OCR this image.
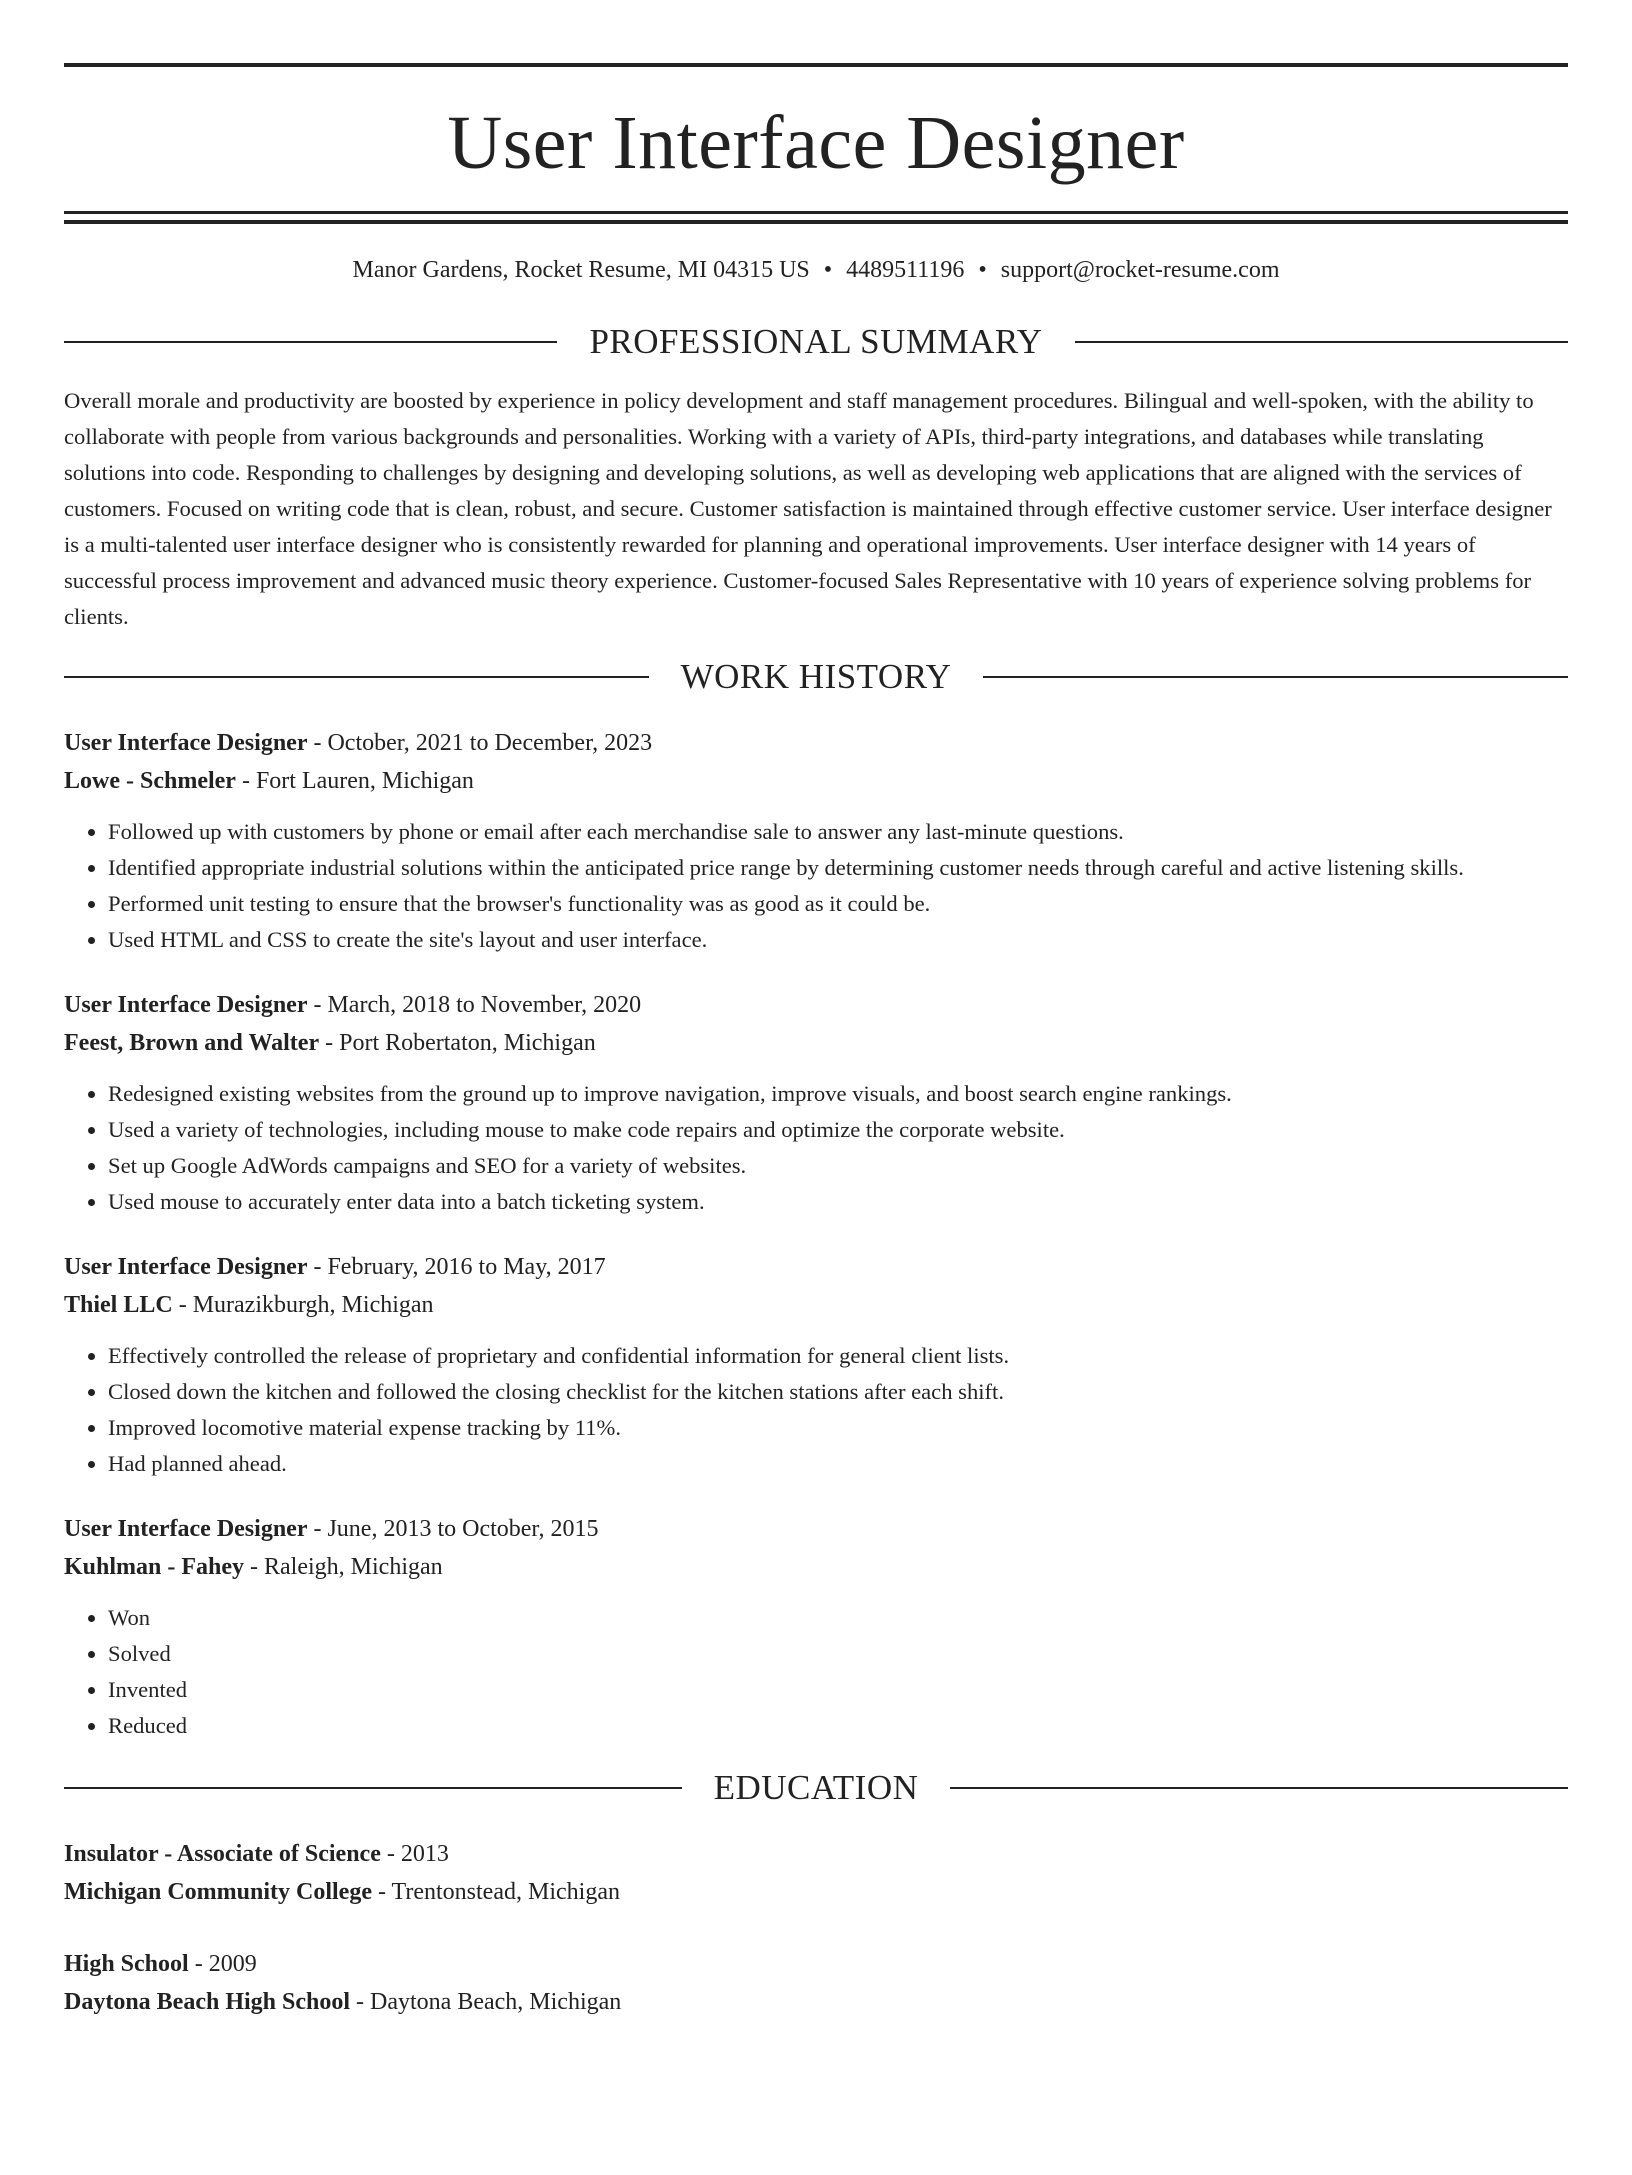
User Interface Designer
Manor Gardens, Rocket Resume, MI 04315 US • 4489511196 • support@rocket-resume.com
PROFESSIONAL SUMMARY

Overall morale and productivity are boosted by experience in policy development and staff management procedures. Bilingual and well-spoken, with the ability to collaborate with people from various backgrounds and personalities. Working with a variety of APIs, third-party integrations, and databases while translating solutions into code. Responding to challenges by designing and developing solutions, as well as developing web applications that are aligned with the services of customers. Focused on writing code that is clean, robust, and secure. Customer satisfaction is maintained through effective customer service. User interface designer is a multi-talented user interface designer who is consistently rewarded for planning and operational improvements. User interface designer with 14 years of successful process improvement and advanced music theory experience. Customer-focused Sales Representative with 10 years of experience solving problems for clients.

WORK HISTORY
User Interface Designer - October, 2021 to December, 2023
Lowe - Schmeler - Fort Lauren, Michigan
• Followed up with customers by phone or email after each merchandise sale to answer any last-minute questions.
• Identified appropriate industrial solutions within the anticipated price range by determining customer needs through careful and active listening skills.
• Performed unit testing to ensure that the browser's functionality was as good as it could be.
• Used HTML and CSS to create the site's layout and user interface.
User Interface Designer - March, 2018 to November, 2020
Feest, Brown and Walter - Port Robertaton, Michigan
• Redesigned existing websites from the ground up to improve navigation, improve visuals, and boost search engine rankings.
• Used a variety of technologies, including mouse to make code repairs and optimize the corporate website.
• Set up Google AdWords campaigns and SEO for a variety of websites.
• Used mouse to accurately enter data into a batch ticketing system.
User Interface Designer - February, 2016 to May, 2017
Thiel LLC - Murazikburgh, Michigan
• Effectively controlled the release of proprietary and confidential information for general client lists.
• Closed down the kitchen and followed the closing checklist for the kitchen stations after each shift.
• Improved locomotive material expense tracking by 11%.
• Had planned ahead.
User Interface Designer - June, 2013 to October, 2015
Kuhlman - Fahey - Raleigh, Michigan
• Won
• Solved
• Invented
• Reduced
EDUCATION
Insulator - Associate of Science - 2013
Michigan Community College - Trentonstead, Michigan
High School - 2009
Daytona Beach High School - Daytona Beach, Michigan
